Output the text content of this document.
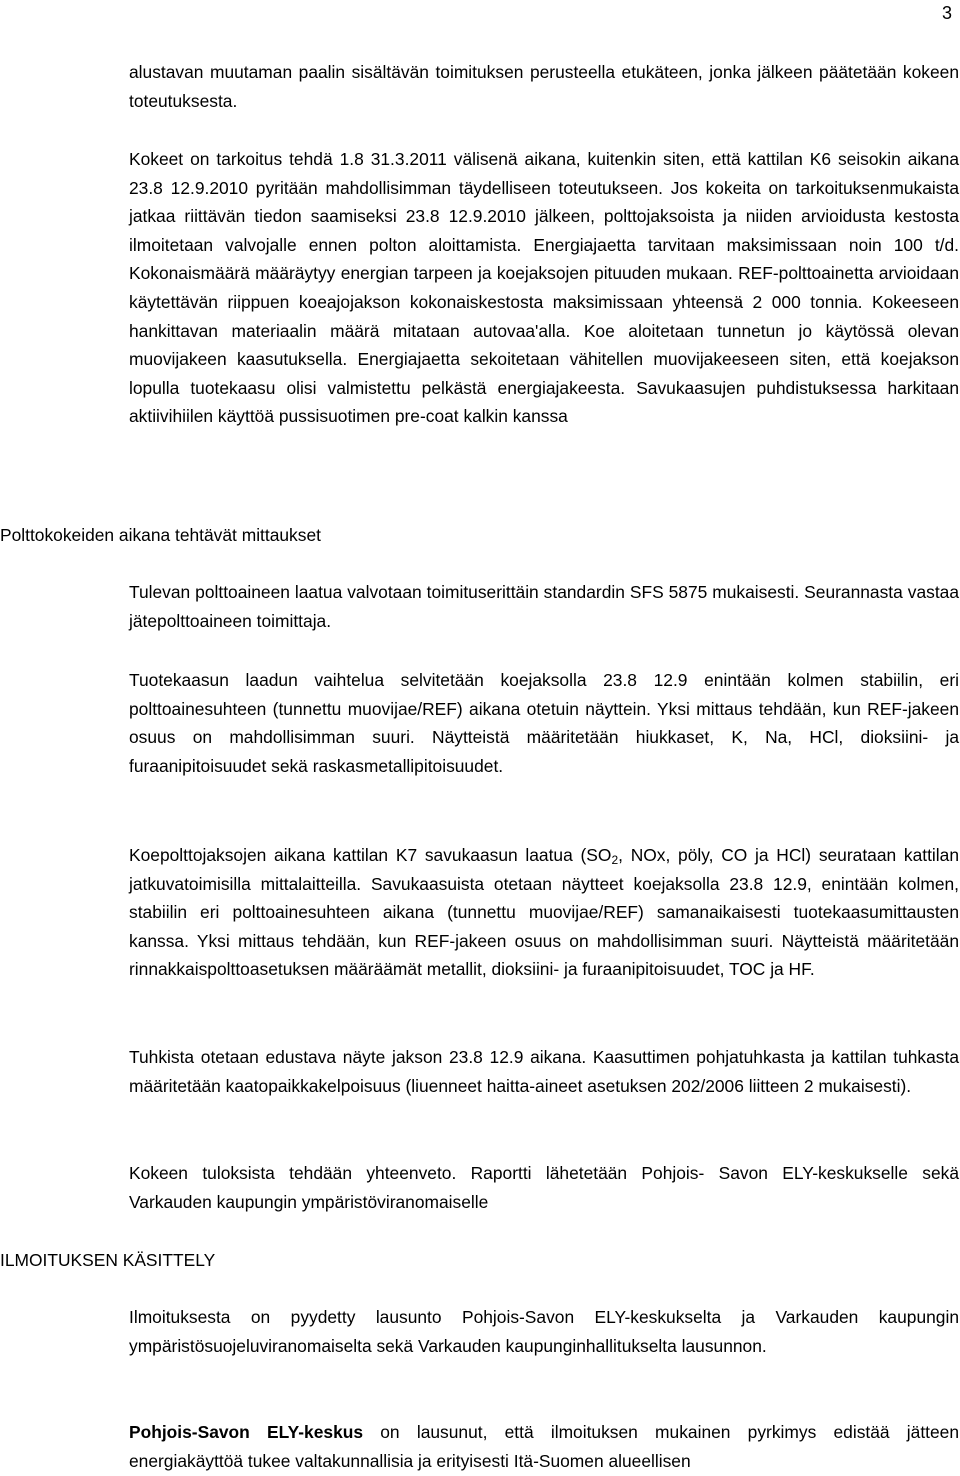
3

alustavan muutaman paalin sisältävän toimituksen perusteella etukäteen, jonka jälkeen päätetään kokeen toteutuksesta.

Kokeet on tarkoitus tehdä 1.8 31.3.2011 välisenä aikana, kuitenkin siten, että kattilan K6 seisokin aikana 23.8 12.9.2010 pyritään mahdollisimman täydelliseen toteutukseen. Jos kokeita on tarkoituksenmukaista jatkaa riittävän tiedon saamiseksi 23.8 12.9.2010 jälkeen, polttojaksoista ja niiden arvioidusta kestosta ilmoitetaan valvojalle ennen polton aloittamista. Energiajaetta tarvitaan maksimissaan noin 100 t/d. Kokonaismäärä määräytyy energian tarpeen ja koejaksojen pituuden mukaan. REF-polttoainetta arvioidaan käytettävän riippuen koeajojakson kokonaiskestosta maksimissaan yhteensä 2 000 tonnia. Kokeeseen hankittavan materiaalin määrä mitataan autovaa'alla. Koe aloitetaan tunnetun jo käytössä olevan muovijakeen kaasutuksella. Energiajaetta sekoitetaan vähitellen muovijakeeseen siten, että koejakson lopulla tuotekaasu olisi valmistettu pelkästä energiajakeesta. Savukaasujen puhdistuksessa harkitaan aktiivihiilen käyttöä pussisuotimen pre-coat kalkin kanssa

Polttokokeiden aikana tehtävät mittaukset

Tulevan polttoaineen laatua valvotaan toimituserittäin standardin SFS 5875 mukaisesti. Seurannasta vastaa jätepolttoaineen toimittaja.

Tuotekaasun laadun vaihtelua selvitetään koejaksolla 23.8 12.9 enintään kolmen stabiilin, eri polttoainesuhteen (tunnettu muovijae/REF) aikana otetuin näyttein. Yksi mittaus tehdään, kun REF-jakeen osuus on mahdollisimman suuri. Näytteistä määritetään hiukkaset, K, Na, HCl, dioksiini- ja furaanipitoisuudet sekä raskasmetallipitoisuudet.

Koepolttojaksojen aikana kattilan K7 savukaasun laatua ($SO_2$, NOx, pöly, CO ja HCl) seurataan kattilan jatkuvatoimisilla mittalaitteilla. Savukaasuista otetaan näytteet koejaksolla 23.8 12.9, enintään kolmen, stabiilin eri polttoainesuhteen aikana (tunnettu muovijae/REF) samanaikaisesti tuotekaasumittausten kanssa. Yksi mittaus tehdään, kun REF-jakeen osuus on mahdollisimman suuri. Näytteistä määritetään rinnakkaispolttoasetuksen määräämät metallit, dioksiini- ja furaanipitoisuudet, TOC ja HF.

Tuhkista otetaan edustava näyte jakson 23.8 12.9 aikana. Kaasuttimen pohjatuhkasta ja kattilan tuhkasta määritetään kaatopaikkakelpoisuus (liuenneet haitta-aineet asetuksen 202/2006 liitteen 2 mukaisesti).

Kokeen tuloksista tehdään yhteenveto. Raportti lähetetään Pohjois- Savon ELY-keskukselle sekä Varkauden kaupungin ympäristöviranomaiselle

ILMOITUKSEN KÄSITTELY

Ilmoituksesta on pyydetty lausunto Pohjois-Savon ELY-keskukselta ja Varkauden kaupungin ympäristösuojeluviranomaiselta sekä Varkauden kaupunginhallitukselta lausunnon.

Pohjois-Savon ELY-keskus on lausunut, että ilmoituksen mukainen pyrkimys edistää jätteen energiakäyttöä tukee valtakunnallisia ja erityisesti Itä-Suomen alueellisen
